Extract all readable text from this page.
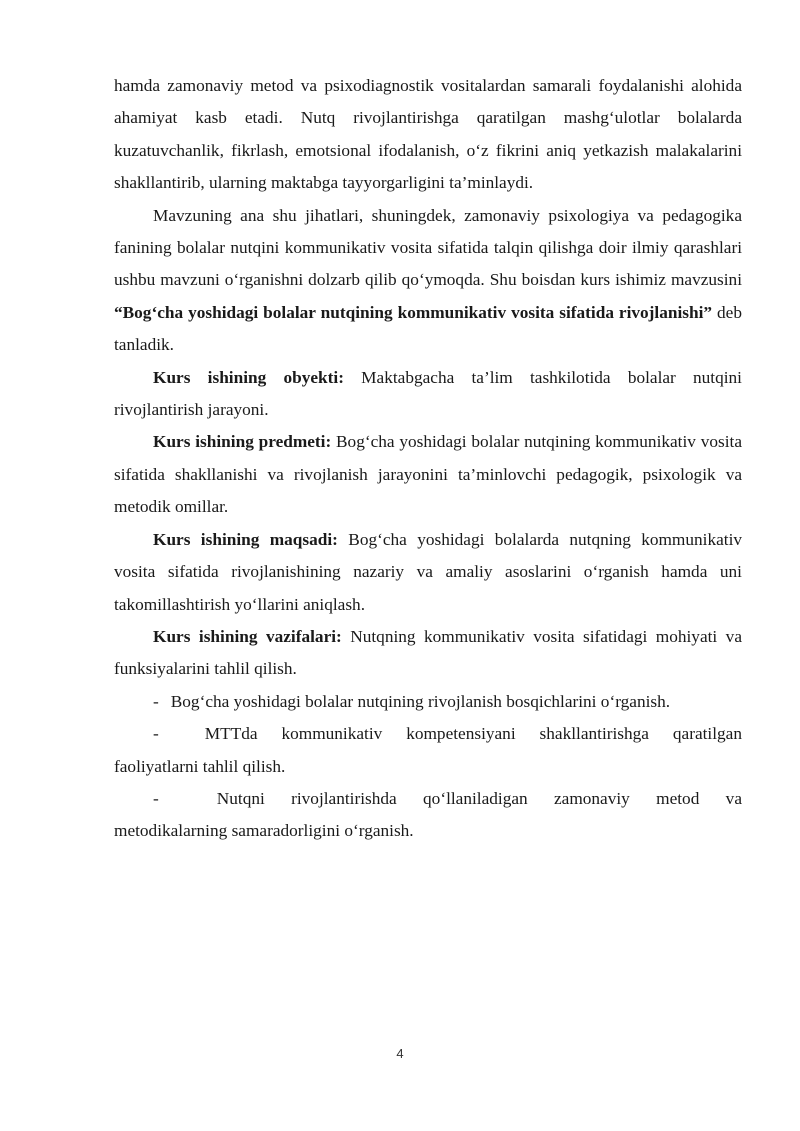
hamda zamonaviy metod va psixodiagnostik vositalardan samarali foydalanishi alohida ahamiyat kasb etadi. Nutq rivojlantirishga qaratilgan mashg‘ulotlar bolalarda kuzatuvchanlik, fikrlash, emotsional ifodalanish, o‘z fikrini aniq yetkazish malakalarini shakllantirib, ularning maktabga tayyorgarligini ta’minlaydi.

Mavzuning ana shu jihatlari, shuningdek, zamonaviy psixologiya va pedagogika fanining bolalar nutqini kommunikativ vosita sifatida talqin qilishga doir ilmiy qarashlari ushbu mavzuni o‘rganishni dolzarb qilib qo‘ymoqda. Shu boisdan kurs ishimiz mavzusini “Bog‘cha yoshidagi bolalar nutqining kommunikativ vosita sifatida rivojlanishi” deb tanladik.

Kurs ishining obyekti: Maktabgacha ta’lim tashkilotida bolalar nutqini rivojlantirish jarayoni.

Kurs ishining predmeti: Bog‘cha yoshidagi bolalar nutqining kommunikativ vosita sifatida shakllanishi va rivojlanish jarayonini ta’minlovchi pedagogik, psixologik va metodik omillar.

Kurs ishining maqsadi: Bog‘cha yoshidagi bolalarda nutqning kommunikativ vosita sifatida rivojlanishining nazariy va amaliy asoslarini o‘rganish hamda uni takomillashtirish yo‘llarini aniqlash.

Kurs ishining vazifalari: Nutqning kommunikativ vosita sifatidagi mohiyati va funksiyalarini tahlil qilish.

- Bog‘cha yoshidagi bolalar nutqining rivojlanish bosqichlarini o‘rganish.

-	MTTda kommunikativ kompetensiyani shakllantirishga qaratilgan faoliyatlarni tahlil qilish.

-	Nutqni rivojlantirishda qo‘llaniladigan zamonaviy metod va metodikalarning samaradorligini o‘rganish.

4
